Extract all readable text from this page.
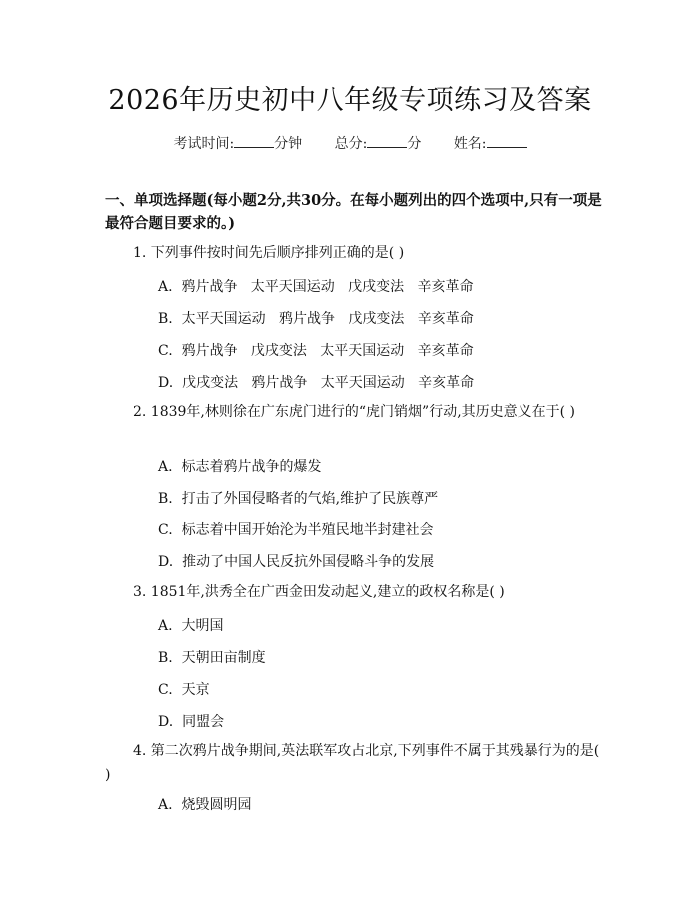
2026年历史初中八年级专项练习及答案
考试时间:	分钟 总分:	分 姓名:
一、单项选择题(每小题2分,共30分。在每小题列出的四个选项中,只有一项是最符合题目要求的。)
1. 下列事件按时间先后顺序排列正确的是( )
A.  鸦片战争   太平天国运动   戊戌变法   辛亥革命
B.  太平天国运动   鸦片战争   戊戌变法   辛亥革命
C.  鸦片战争   戊戌变法   太平天国运动   辛亥革命
D.  戊戌变法   鸦片战争   太平天国运动   辛亥革命
2. 1839年,林则徐在广东虎门进行的“虎门销烟”行动,其历史意义在于( )
A.  标志着鸦片战争的爆发
B.  打击了外国侵略者的气焰,维护了民族尊严
C.  标志着中国开始沦为半殖民地半封建社会
D.  推动了中国人民反抗外国侵略斗争的发展
3. 1851年,洪秀全在广西金田发动起义,建立的政权名称是( )
A.  大明国
B.  天朝田亩制度
C.  天京
D.  同盟会
4. 第二次鸦片战争期间,英法联军攻占北京,下列事件不属于其残暴行为的是( )
A.  烧毁圆明园
